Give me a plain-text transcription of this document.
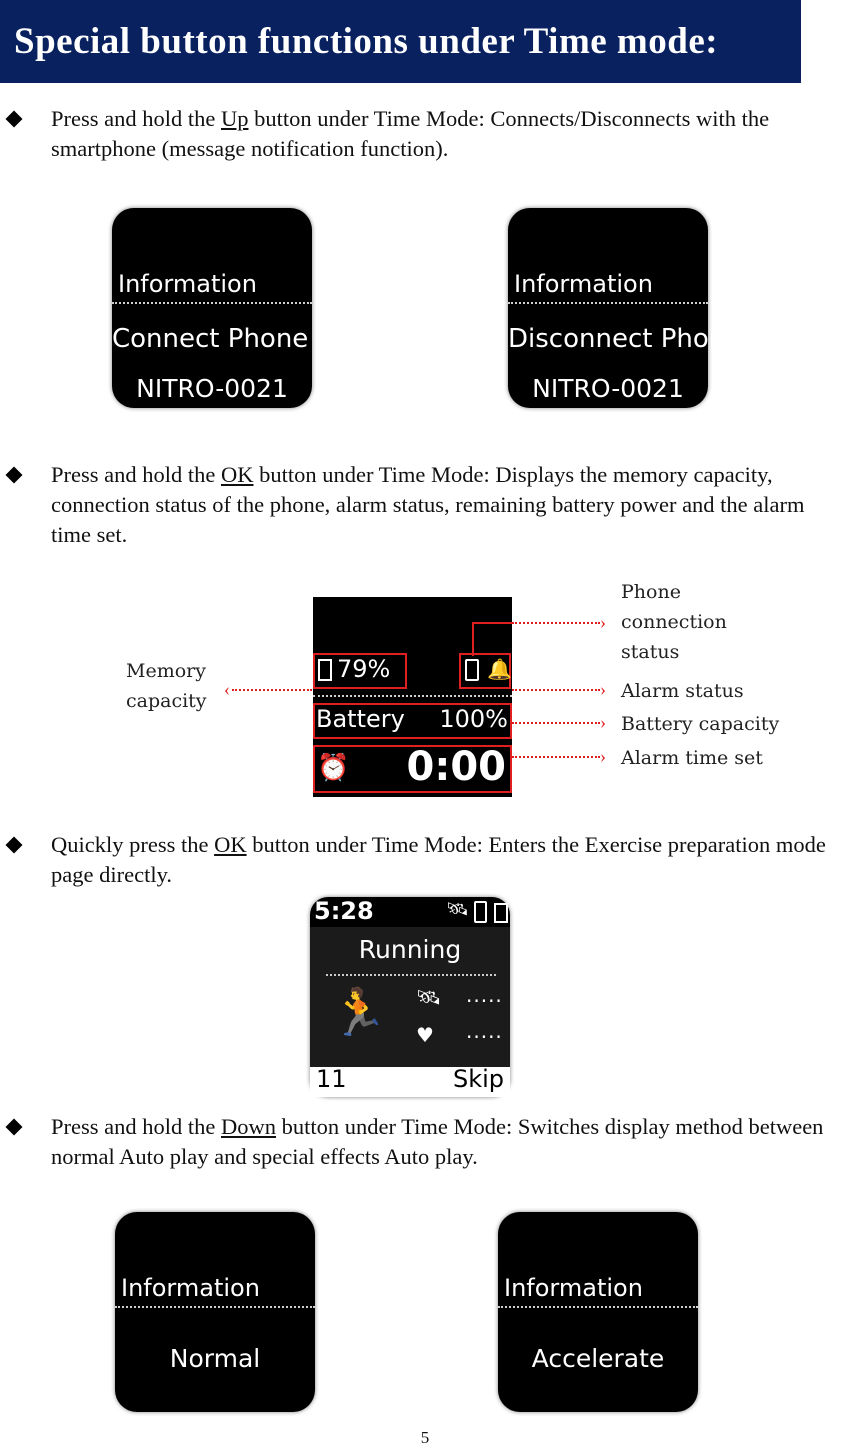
Special button functions under Time mode:
Press and hold the Up button under Time Mode: Connects/Disconnects with the smartphone (message notification function).
Information
Connect Phone
NITRO-0021
Information
Disconnect Phone
NITRO-0021
Press and hold the OK button under Time Mode: Displays the memory capacity, connection status of the phone, alarm status, remaining battery power and the alarm time set.
79%	🔔
Battery 100%
⏰ 0:00
Memory
capacity
‹
Phone
connection
status
›
Alarm status
›
Battery capacity
›
Alarm time set
›
Quickly press the OK button under Time Mode: Enters the Exercise preparation mode page directly.
5:28	🛰
Running
🏃 🛰 .....
♥ .....
11	Skip
Press and hold the Down button under Time Mode: Switches display method between normal Auto play and special effects Auto play.
Information
Normal
Information
Accelerate
5
